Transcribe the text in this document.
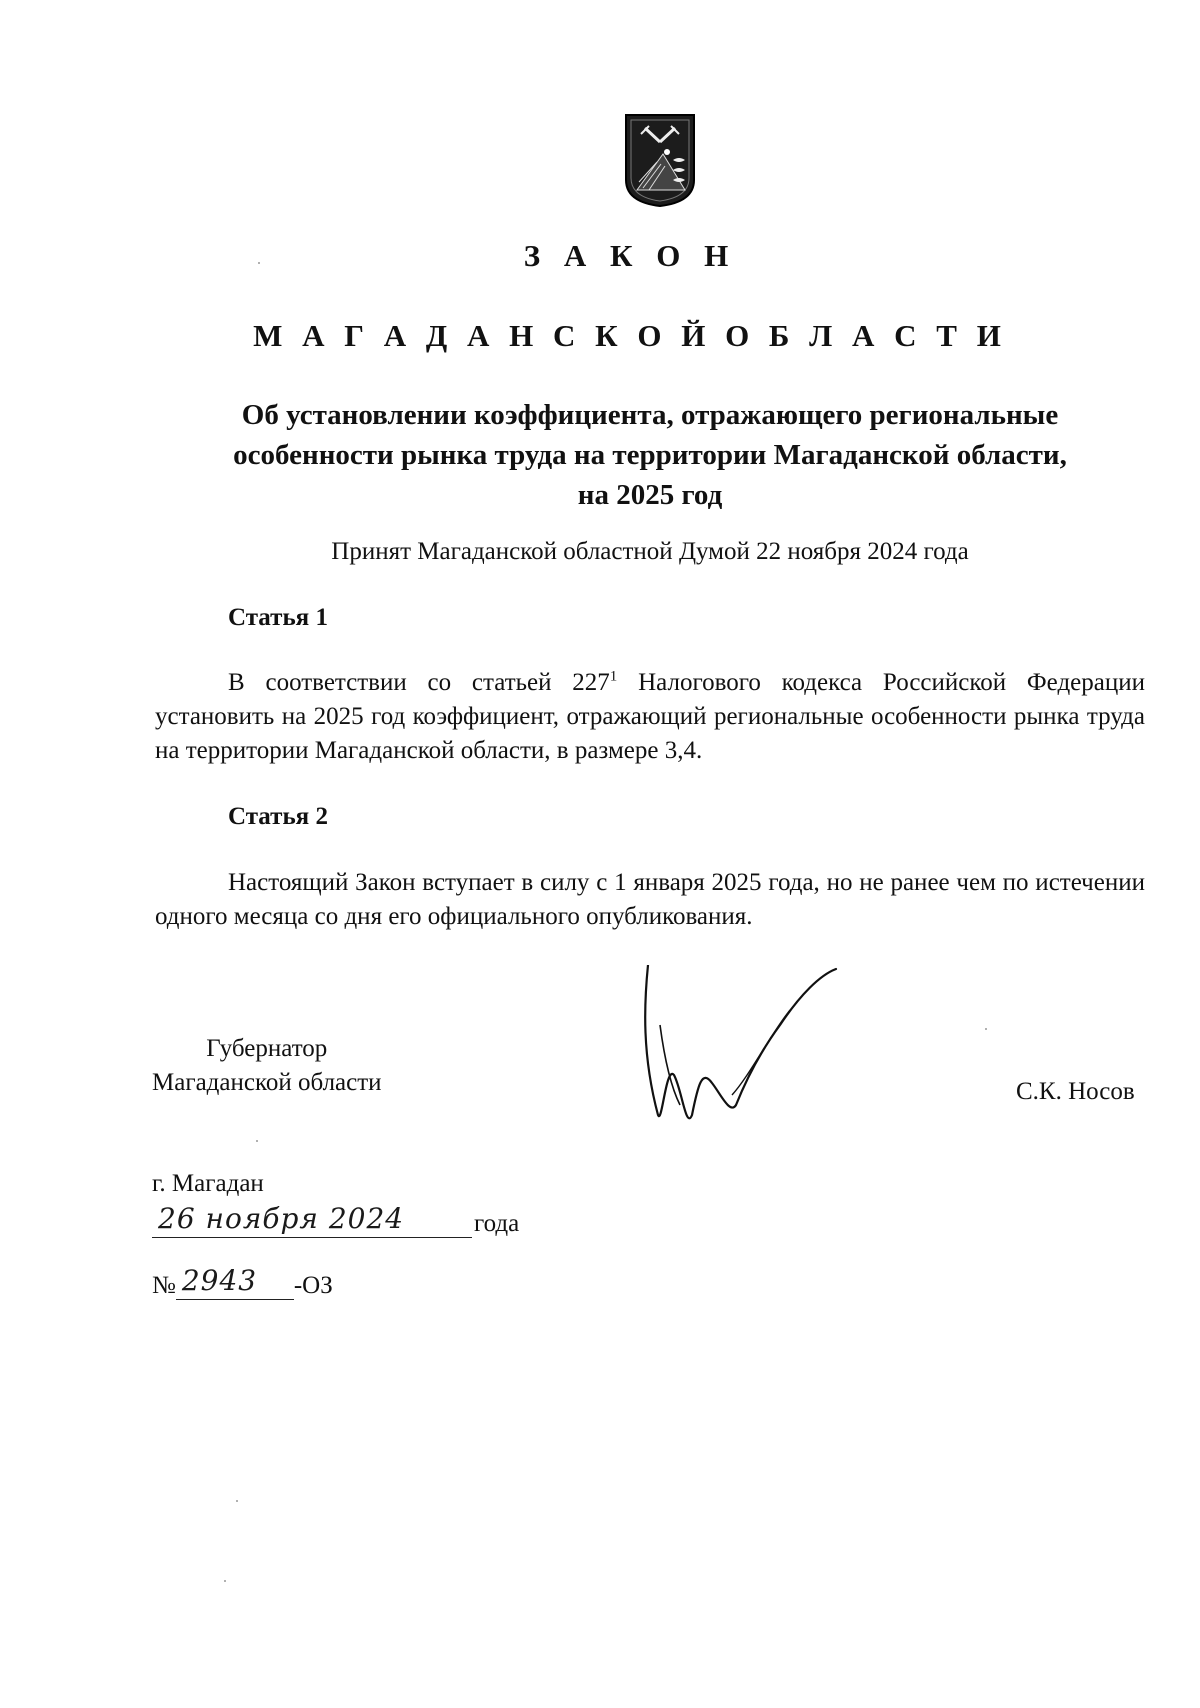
З А К О Н
М А Г А Д А Н С К О Й О Б Л А С Т И
Об установлении коэффициента, отражающего региональные
особенности рынка труда на территории Магаданской области,
на 2025 год
Принят Магаданской областной Думой 22 ноября 2024 года
Статья 1
В соответствии со статьей $227^1$ Налогового кодекса Российской Федерации установить на 2025 год коэффициент, отражающий региональные особенности рынка труда на территории Магаданской области, в размере 3,4.
Статья 2
Настоящий Закон вступает в силу с 1 января 2025 года, но не ранее чем по истечении одного месяца со дня его официального опубликования.
Губернатор
Магаданской области	С.К. Носов
г. Магадан
26 ноября 2024	года
№ 2943 -ОЗ
